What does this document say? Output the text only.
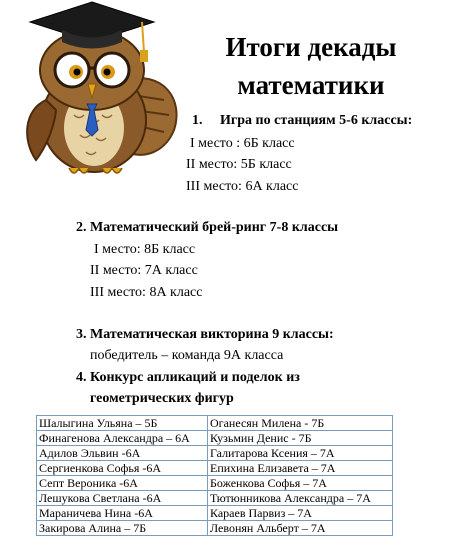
Итоги декады
математики
1. Игра по станциям 5-6 классы:
I место : 6Б класс
II место: 5Б класс
III место: 6А класс
2. Математический брей-ринг 7-8 классы
I место: 8Б класс
II место: 7А класс
III место: 8А класс
3. Математическая викторина 9 классы:
победитель – команда 9А класса
4. Конкурс апликаций и поделок из
геометрических фигур
Шалыгина Ульяна – 5Б	Оганесян Милена - 7Б
Финагенова Александра – 6А	Кузьмин Денис - 7Б
Адилов Эльвин -6А	Галитарова Ксения – 7А
Сергиенкова Софья -6А	Епихина Елизавета – 7А
Септ Вероника -6А	Боженкова Софья – 7А
Лешукова Светлана -6А	Тютюнникова Александра – 7А
Мараничева Нина -6А	Караев Парвиз – 7А
Закирова Алина – 7Б	Левонян Альберт – 7А
